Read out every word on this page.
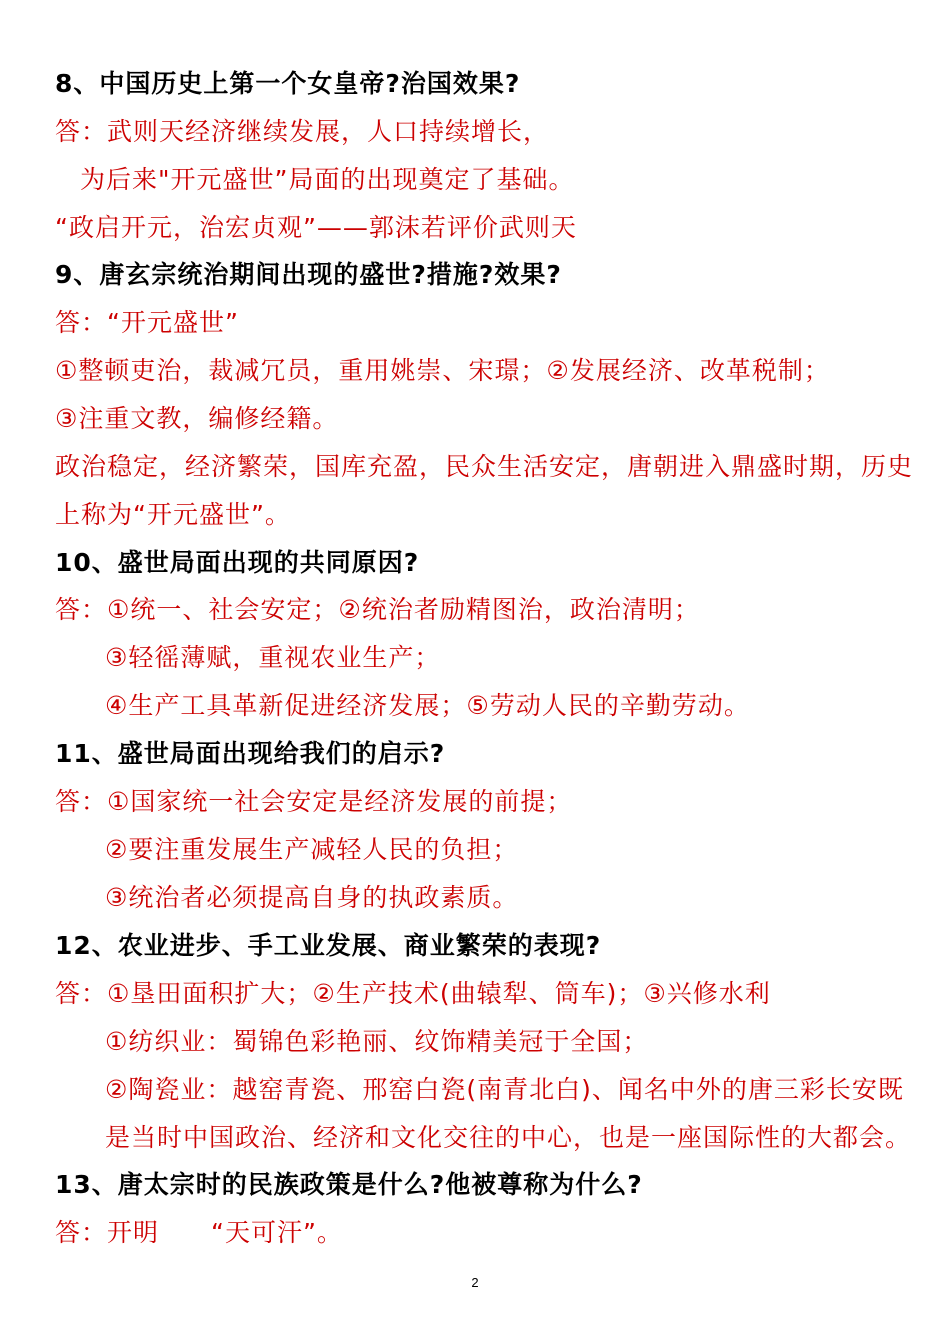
8、中国历史上第一个女皇帝?治国效果?
答：武则天经济继续发展，人口持续增长，
为后来"开元盛世”局面的出现奠定了基础。
“政启开元，治宏贞观”——郭沫若评价武则天
9、唐玄宗统治期间出现的盛世?措施?效果?
答：“开元盛世”
①整顿吏治，裁减冗员，重用姚崇、宋璟；②发展经济、改革税制；
③注重文教，编修经籍。
政治稳定，经济繁荣，国库充盈，民众生活安定，唐朝进入鼎盛时期，历史
上称为“开元盛世”。
10、盛世局面出现的共同原因?
答：①统一、社会安定；②统治者励精图治，政治清明；
③轻徭薄赋，重视农业生产；
④生产工具革新促进经济发展；⑤劳动人民的辛勤劳动。
11、盛世局面出现给我们的启示?
答：①国家统一社会安定是经济发展的前提；
②要注重发展生产减轻人民的负担；
③统治者必须提高自身的执政素质。
12、农业进步、手工业发展、商业繁荣的表现?
答：①垦田面积扩大；②生产技术(曲辕犁、筒车)；③兴修水利
①纺织业：蜀锦色彩艳丽、纹饰精美冠于全国；
②陶瓷业：越窑青瓷、邢窑白瓷(南青北白)、闻名中外的唐三彩长安既
是当时中国政治、经济和文化交往的中心，也是一座国际性的大都会。
13、唐太宗时的民族政策是什么?他被尊称为什么?
答：开明　　“天可汗”。
2
